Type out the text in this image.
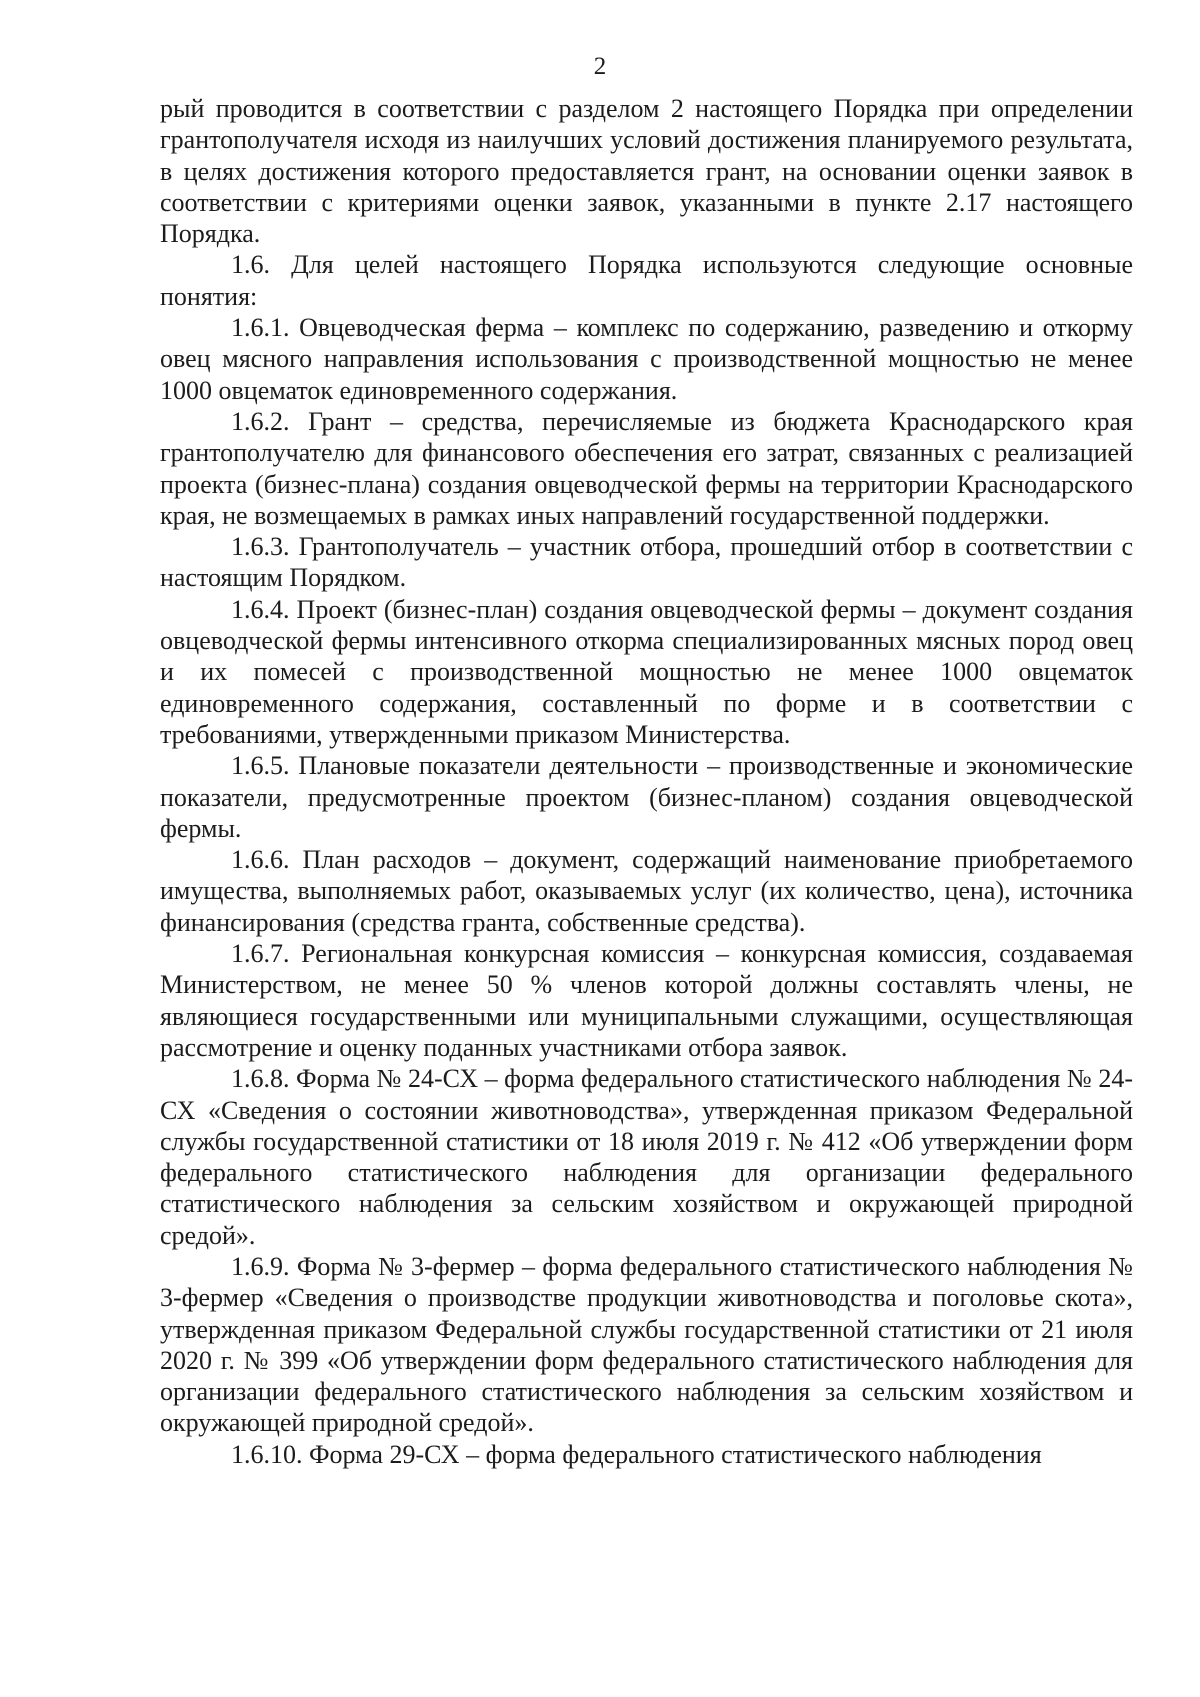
2

рый проводится в соответствии с разделом 2 настоящего Порядка при определении грантополучателя исходя из наилучших условий достижения планируемого результата, в целях достижения которого предоставляется грант, на основании оценки заявок в соответствии с критериями оценки заявок, указанными в пункте 2.17 настоящего Порядка.

1.6. Для целей настоящего Порядка используются следующие основные понятия:

1.6.1. Овцеводческая ферма – комплекс по содержанию, разведению и откорму овец мясного направления использования с производственной мощностью не менее 1000 овцематок единовременного содержания.

1.6.2. Грант – средства, перечисляемые из бюджета Краснодарского края грантополучателю для финансового обеспечения его затрат, связанных с реализацией проекта (бизнес-плана) создания овцеводческой фермы на территории Краснодарского края, не возмещаемых в рамках иных направлений государственной поддержки.

1.6.3. Грантополучатель – участник отбора, прошедший отбор в соответствии с настоящим Порядком.

1.6.4. Проект (бизнес-план) создания овцеводческой фермы – документ создания овцеводческой фермы интенсивного откорма специализированных мясных пород овец и их помесей с производственной мощностью не менее 1000 овцематок единовременного содержания, составленный по форме и в соответствии с требованиями, утвержденными приказом Министерства.

1.6.5. Плановые показатели деятельности – производственные и экономические показатели, предусмотренные проектом (бизнес-планом) создания овцеводческой фермы.

1.6.6. План расходов – документ, содержащий наименование приобретаемого имущества, выполняемых работ, оказываемых услуг (их количество, цена), источника финансирования (средства гранта, собственные средства).

1.6.7. Региональная конкурсная комиссия – конкурсная комиссия, создаваемая Министерством, не менее 50 % членов которой должны составлять члены, не являющиеся государственными или муниципальными служащими, осуществляющая рассмотрение и оценку поданных участниками отбора заявок.

1.6.8. Форма № 24-СХ – форма федерального статистического наблюдения № 24-СХ «Сведения о состоянии животноводства», утвержденная приказом Федеральной службы государственной статистики от 18 июля 2019 г. № 412 «Об утверждении форм федерального статистического наблюдения для организации федерального статистического наблюдения за сельским хозяйством и окружающей природной средой».

1.6.9. Форма № 3-фермер – форма федерального статистического наблюдения № 3-фермер «Сведения о производстве продукции животноводства и поголовье скота», утвержденная приказом Федеральной службы государственной статистики от 21 июля 2020 г. № 399 «Об утверждении форм федерального статистического наблюдения для организации федерального статистического наблюдения за сельским хозяйством и окружающей природной средой».

1.6.10. Форма 29-СХ – форма федерального статистического наблюдения
